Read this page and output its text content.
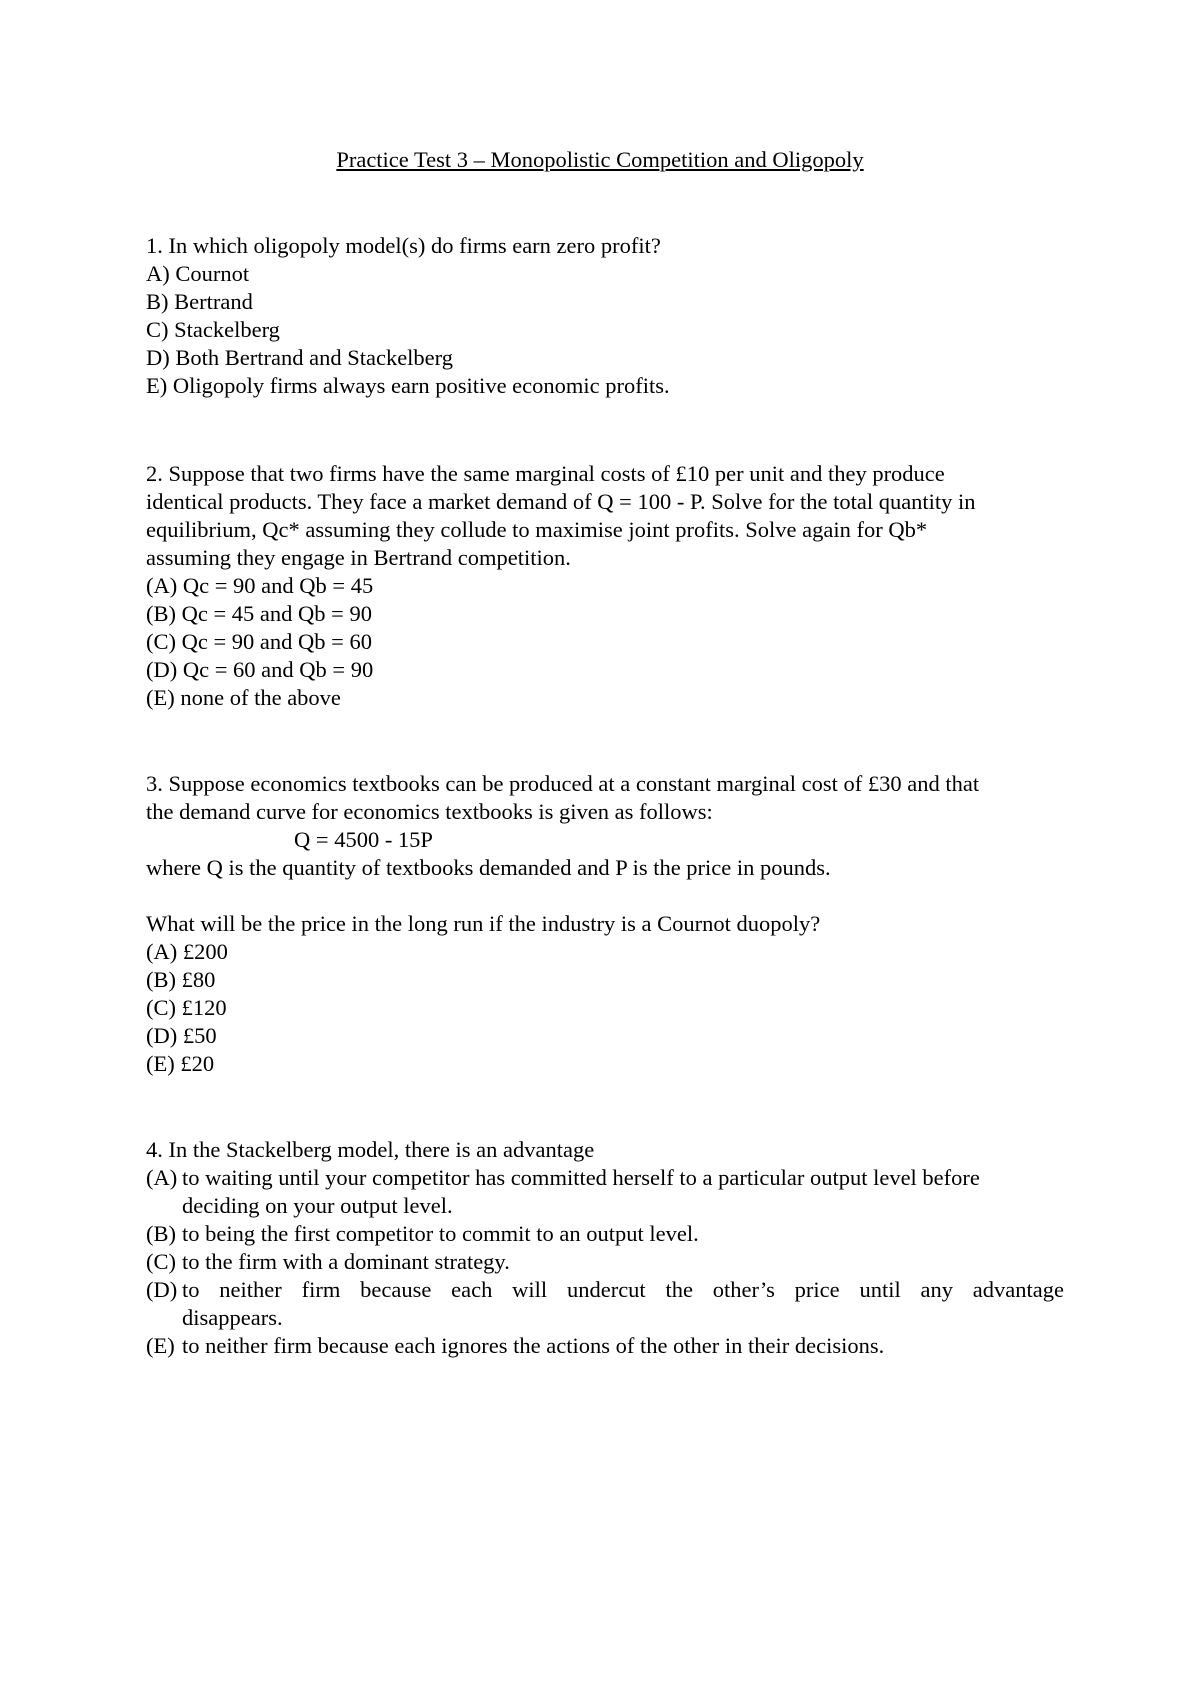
Practice Test 3 – Monopolistic Competition and Oligopoly
1. In which oligopoly model(s) do firms earn zero profit?
A) Cournot
B) Bertrand
C) Stackelberg
D) Both Bertrand and Stackelberg
E) Oligopoly firms always earn positive economic profits.
2. Suppose that two firms have the same marginal costs of £10 per unit and they produce
identical products. They face a market demand of Q = 100 - P. Solve for the total quantity in
equilibrium, Qc* assuming they collude to maximise joint profits. Solve again for Qb*
assuming they engage in Bertrand competition.
(A) Qc = 90 and Qb = 45
(B) Qc = 45 and Qb = 90
(C) Qc = 90 and Qb = 60
(D) Qc = 60 and Qb = 90
(E) none of the above
3. Suppose economics textbooks can be produced at a constant marginal cost of £30 and that
the demand curve for economics textbooks is given as follows:
Q = 4500 - 15P
where Q is the quantity of textbooks demanded and P is the price in pounds.
What will be the price in the long run if the industry is a Cournot duopoly?
(A) £200
(B) £80
(C) £120
(D) £50
(E) £20
4. In the Stackelberg model, there is an advantage
(A) to waiting until your competitor has committed herself to a particular output level before
deciding on your output level.
(B) to being the first competitor to commit to an output level.
(C) to the firm with a dominant strategy.
(D) to neither firm because each will undercut the other’s price until any advantage
disappears.
(E) to neither firm because each ignores the actions of the other in their decisions.
